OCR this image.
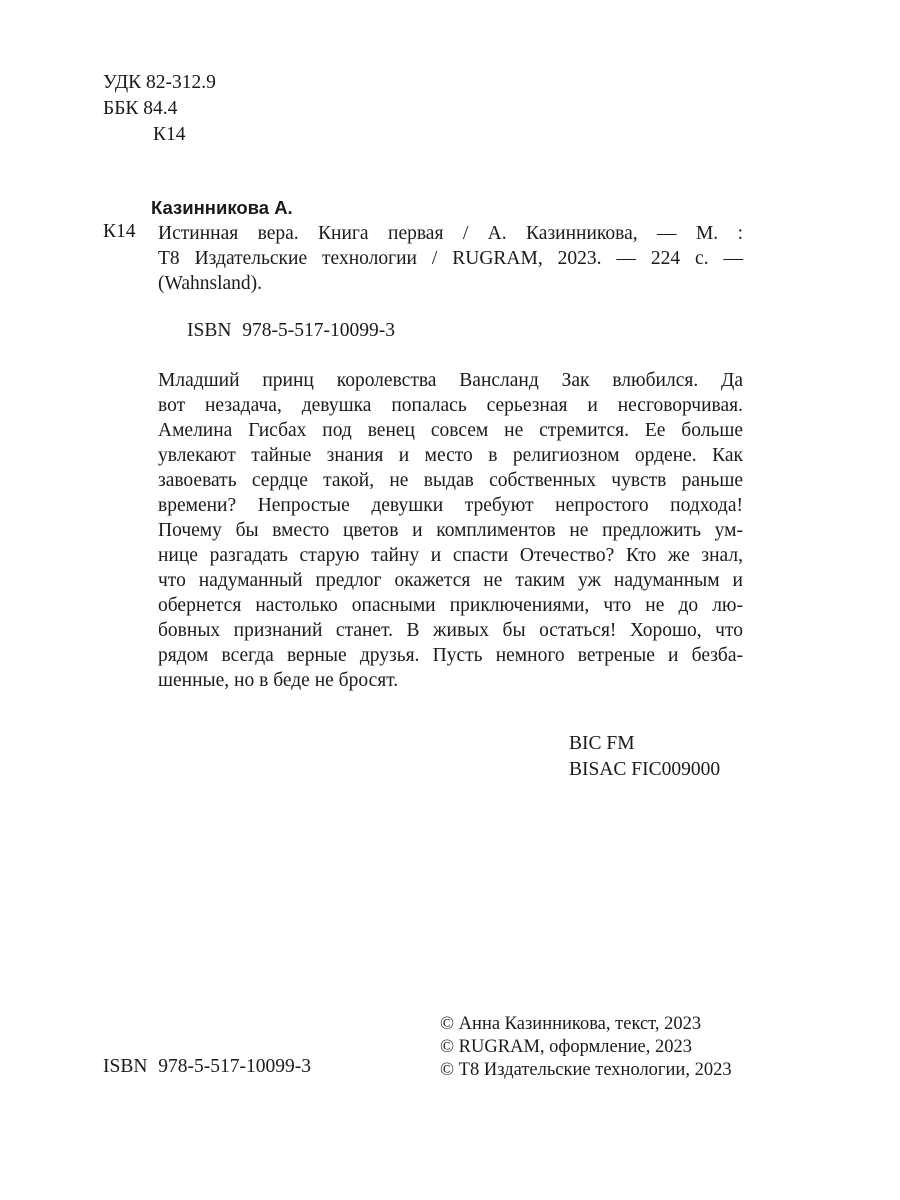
УДК 82-312.9
ББК 84.4
К14
Казинникова А.
К14 Истинная вера. Книга первая / А. Казинникова, — М. :
Т8 Издательские технологии / RUGRAM, 2023. — 224 с. —
(Wahnsland).
ISBN 978-5-517-10099-3
Младший принц королевства Вансланд Зак влюбился. Да
вот незадача, девушка попалась серьезная и несговорчивая.
Амелина Гисбах под венец совсем не стремится. Ее больше
увлекают тайные знания и место в религиозном ордене. Как
завоевать сердце такой, не выдав собственных чувств раньше
времени? Непростые девушки требуют непростого подхода!
Почему бы вместо цветов и комплиментов не предложить ум-
нице разгадать старую тайну и спасти Отечество? Кто же знал,
что надуманный предлог окажется не таким уж надуманным и
обернется настолько опасными приключениями, что не до лю-
бовных признаний станет. В живых бы остаться! Хорошо, что
рядом всегда верные друзья. Пусть немного ветреные и безба-
шенные, но в беде не бросят.
BIC FM
BISAC FIC009000
© Анна Казинникова, текст, 2023
© RUGRAM, оформление, 2023
© Т8 Издательские технологии, 2023
ISBN 978-5-517-10099-3
